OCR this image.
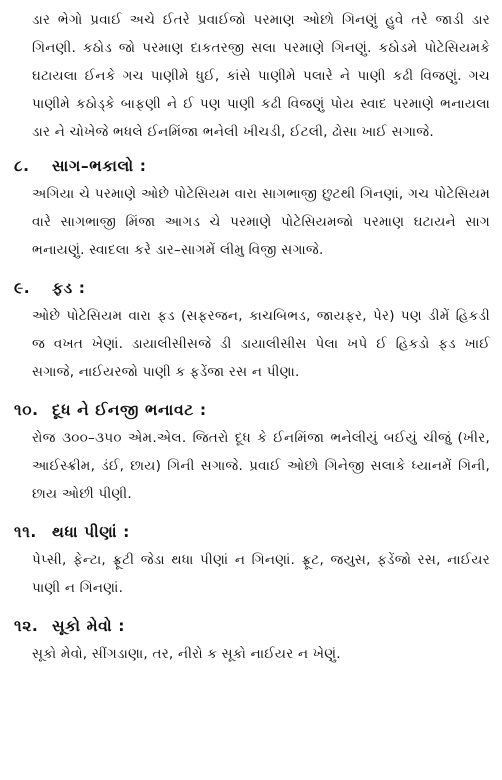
ડાર ભેગો પ્રવાઈ અચે ઈતરે પ્રવાઈજો પરમાણ ઓછો ગિનણું હુવે તરે જાડી ડાર ગિનણી. કઠોડ જો પરમાણ દાકતરજી સલા પરમાણે ગિનણું. કઠોડમે પોટેસિયમકે ઘટાયલા ઈનકે ગચ પાણીમે ધુઈ, કાંસે પાણીમે પલારે ને પાણી કઢી વિજણું. ગચ પાણીમે કઠોડ્કે બાફણી ને ઈ પણ પાણી કઢી વિજણું પોય સ્વાદ પરમાણે ભનાયલા ડાર ને ચોખેજે ભધલે ઈનમિંજા ભનેલી ખીચડી, ઈટલી, ઢોસા ખાઈ સગાજે.

૮. સાગ–ભકાલો :

અગિયા ચે પરમાણે ઓછે પોટેસિયમ વારા સાગભાજી છુટથી ગિનણાં, ગચ પોટેસિયમ વારે સાગભાજી મિંજા આગડ ચે પરમાણે પોટેસિયમજો પરમાણ ઘટાયને સાગ ભનાયણું. સ્વાદલા કરે ડાર–સાગમેં લીમુ વિજી સગાજે.

૯. ફડ :

ઓછે પોટેસિયમ વારા ફડ (સફરજન, કાચબિભડ, જાયફર, પેર) પણ ડીમેં હિકડી જ વખત ખેણાં. ડાયાલીસીસજે ડી ડાયાલીસીસ પેલા ખપે ઈ હિકડો ફડ ખાઈ સગાજે, નાઈયરજો પાણી ક ફડેંજા રસ ન પીણા.

૧૦. દૂધ ને ઈનજી ભનાવટ :

રોજ ૩૦૦–૩૫૦ એમ.એલ. જિતરો દૂધ કે ઈનમિંજા ભનેલીયું બઈયું ચીજું (ખીર, આઈસ્ક્રીમ, ડંઈ, છાય) ગિની સગાજે. પ્રવાઈ ઓછો ગિનેજી સલાકે ધ્યાનમેં ગિની, છાય ઓછી પીણી.

૧૧. થધા પીણાં :

પેપ્સી, ફેન્ટા, ફ્રૂટી જેડા થધા પીણાં ન ગિનણાં. ફ્રૂટ, જયુસ, ફડેંજો રસ, નાઈયર પાણી ન ગિનણાં.

૧૨. સૂકો મેવો :

સૂકો મેવો, સીંગડાણા, તર, નીરો ક સૂકો નાઈયર ન ખેણું.
